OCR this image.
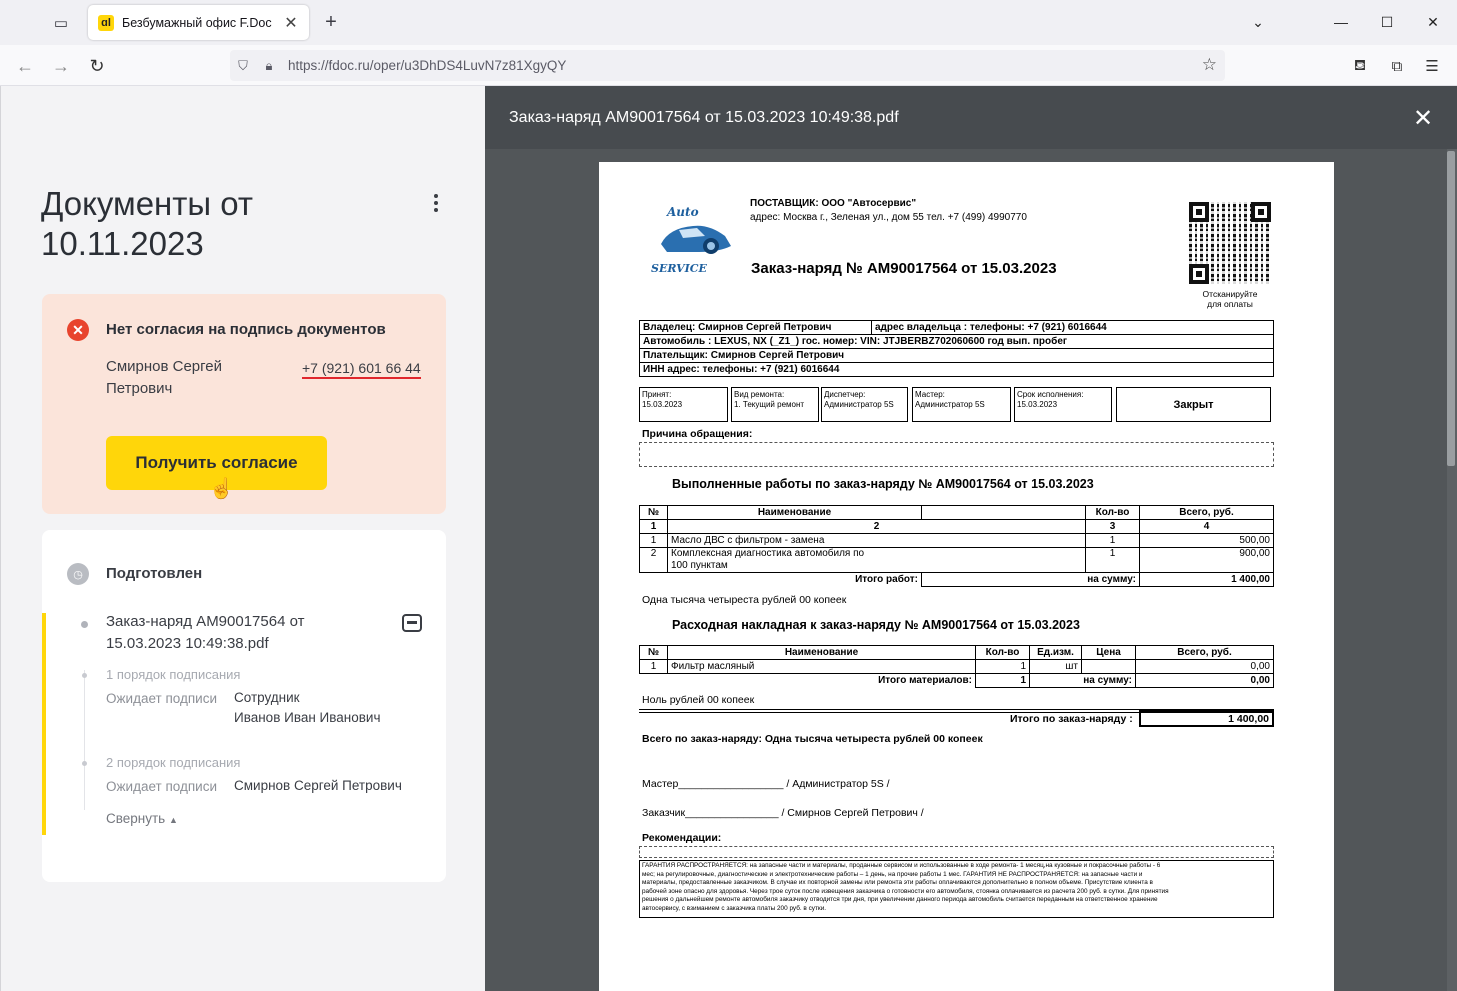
▭	ɑl Безбумажный офис F.Doc ✕ +	⌄	—	☐	✕
← →	↻	⛉	🔒︎	https://fdoc.ru/oper/u3DhDS4LuvN7z81XgyQY	☆	⛾	⧉	☰
Документы от 10.11.2023
✕	Нет согласия на подпись документов
Смирнов Сергей Петрович
+7 (921) 601 66 44
Получить согласие
☝
◷	Подготовлен
Заказ-наряд AM90017564 от 15.03.2023 10:49:38.pdf
1 порядок подписания
Ожидает подписи Сотрудник
Иванов Иван Иванович
2 порядок подписания
Ожидает подписи Смирнов Сергей Петрович
Свернуть ▲
Заказ-наряд AM90017564 от 15.03.2023 10:49:38.pdf	✕
Auto
SERVICE
ПОСТАВЩИК: ООО "Автосервис"
адрес: Москва г., Зеленая ул., дом 55 тел. +7 (499) 4990770
Заказ-наряд № AM90017564 от 15.03.2023
Отсканируйте
для оплаты
Владелец: Смирнов Сергей Петрович	адрес владельца : телефоны: +7 (921) 6016644
Автомобиль : LEXUS, NX (_Z1_) гос. номер: VIN: JTJBERBZ702060600 год вып. пробег
Плательщик: Смирнов Сергей Петрович
ИНН адрес: телефоны: +7 (921) 6016644
Принят:
15.03.2023
Вид ремонта:
1. Текущий ремонт
Диспетчер:
Администратор 5S
Мастер:
Администратор 5S
Срок исполнения:
15.03.2023	Закрыт
Причина обращения:
Выполненные работы по заказ-наряду № AM90017564 от 15.03.2023
№	Наименование		Кол-во	Всего, руб.
1	2		3	4
1	Масло ДВС с фильтром - замена		1	500,00
2	Комплексная диагностика автомобиля по
100 пунктам		1	900,00
Итого работ:		на сумму:		1 400,00
Одна тысяча четыреста рублей 00 копеек
Расходная накладная к заказ-наряду № AM90017564 от 15.03.2023
№	Наименование	Кол-во	Ед.изм.	Цена	Всего, руб.
1	Фильтр масляный	1	шт		0,00
Итого материалов:		1	на сумму:		0,00
Ноль рублей 00 копеек
Итого по заказ-наряду :	1 400,00
Всего по заказ-наряду: Одна тысяча четыреста рублей 00 копеек
Мастер__________________ / Администратор 5S /
Заказчик________________ / Смирнов Сергей Петрович /
Рекомендации:
ГАРАНТИЯ РАСПРОСТРАНЯЕТСЯ: на запасные части и материалы, проданные сервисом и использованные в ходе ремонта- 1 месяц,на кузовные и покрасочные работы - 6
мес; на регулировочные, диагностические и электротехнические работы – 1 день, на прочие работы 1 мес. ГАРАНТИЯ НЕ РАСПРОСТРАНЯЕТСЯ: на запасные части и
материалы, предоставленные заказчиком. В случае их повторной замены или ремонта эти работы оплачиваются дополнительно в полном объеме. Присутствие клиента в
рабочей зоне опасно для здоровья. Через трое суток после извещения заказчика о готовности его автомобиля, стоянка оплачивается из расчета 200 руб. в сутки. Для принятия
решения о дальнейшем ремонте автомобиля заказчику отводится три дня, при увеличении данного периода автомобиль считается переданным на ответственное хранение
автосервису, с взиманием с заказчика платы 200 руб. в сутки.
